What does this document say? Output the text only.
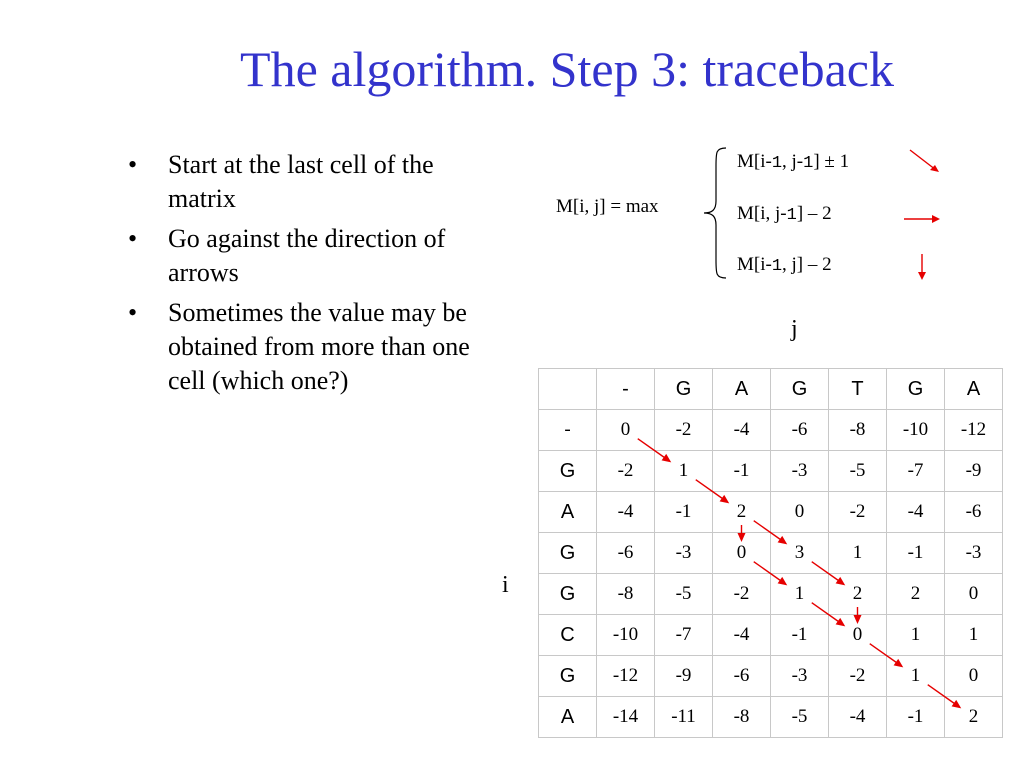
The algorithm. Step 3: traceback
• Start at the last cell of the matrix
• Go against the direction of arrows
• Sometimes the value may be obtained from more than one cell (which one?)
M[i, j] = max
M[i-1, j-1] ± 1
M[i, j-1] – 2
M[i-1, j] – 2
j
i
	-	G	A	G	T	G	A
-	0	-2	-4	-6	-8	-10	-12
G	-2	1	-1	-3	-5	-7	-9
A	-4	-1	2	0	-2	-4	-6
G	-6	-3	0	3	1	-1	-3
G	-8	-5	-2	1	2	2	0
C	-10	-7	-4	-1	0	1	1
G	-12	-9	-6	-3	-2	1	0
A	-14	-11	-8	-5	-4	-1	2
